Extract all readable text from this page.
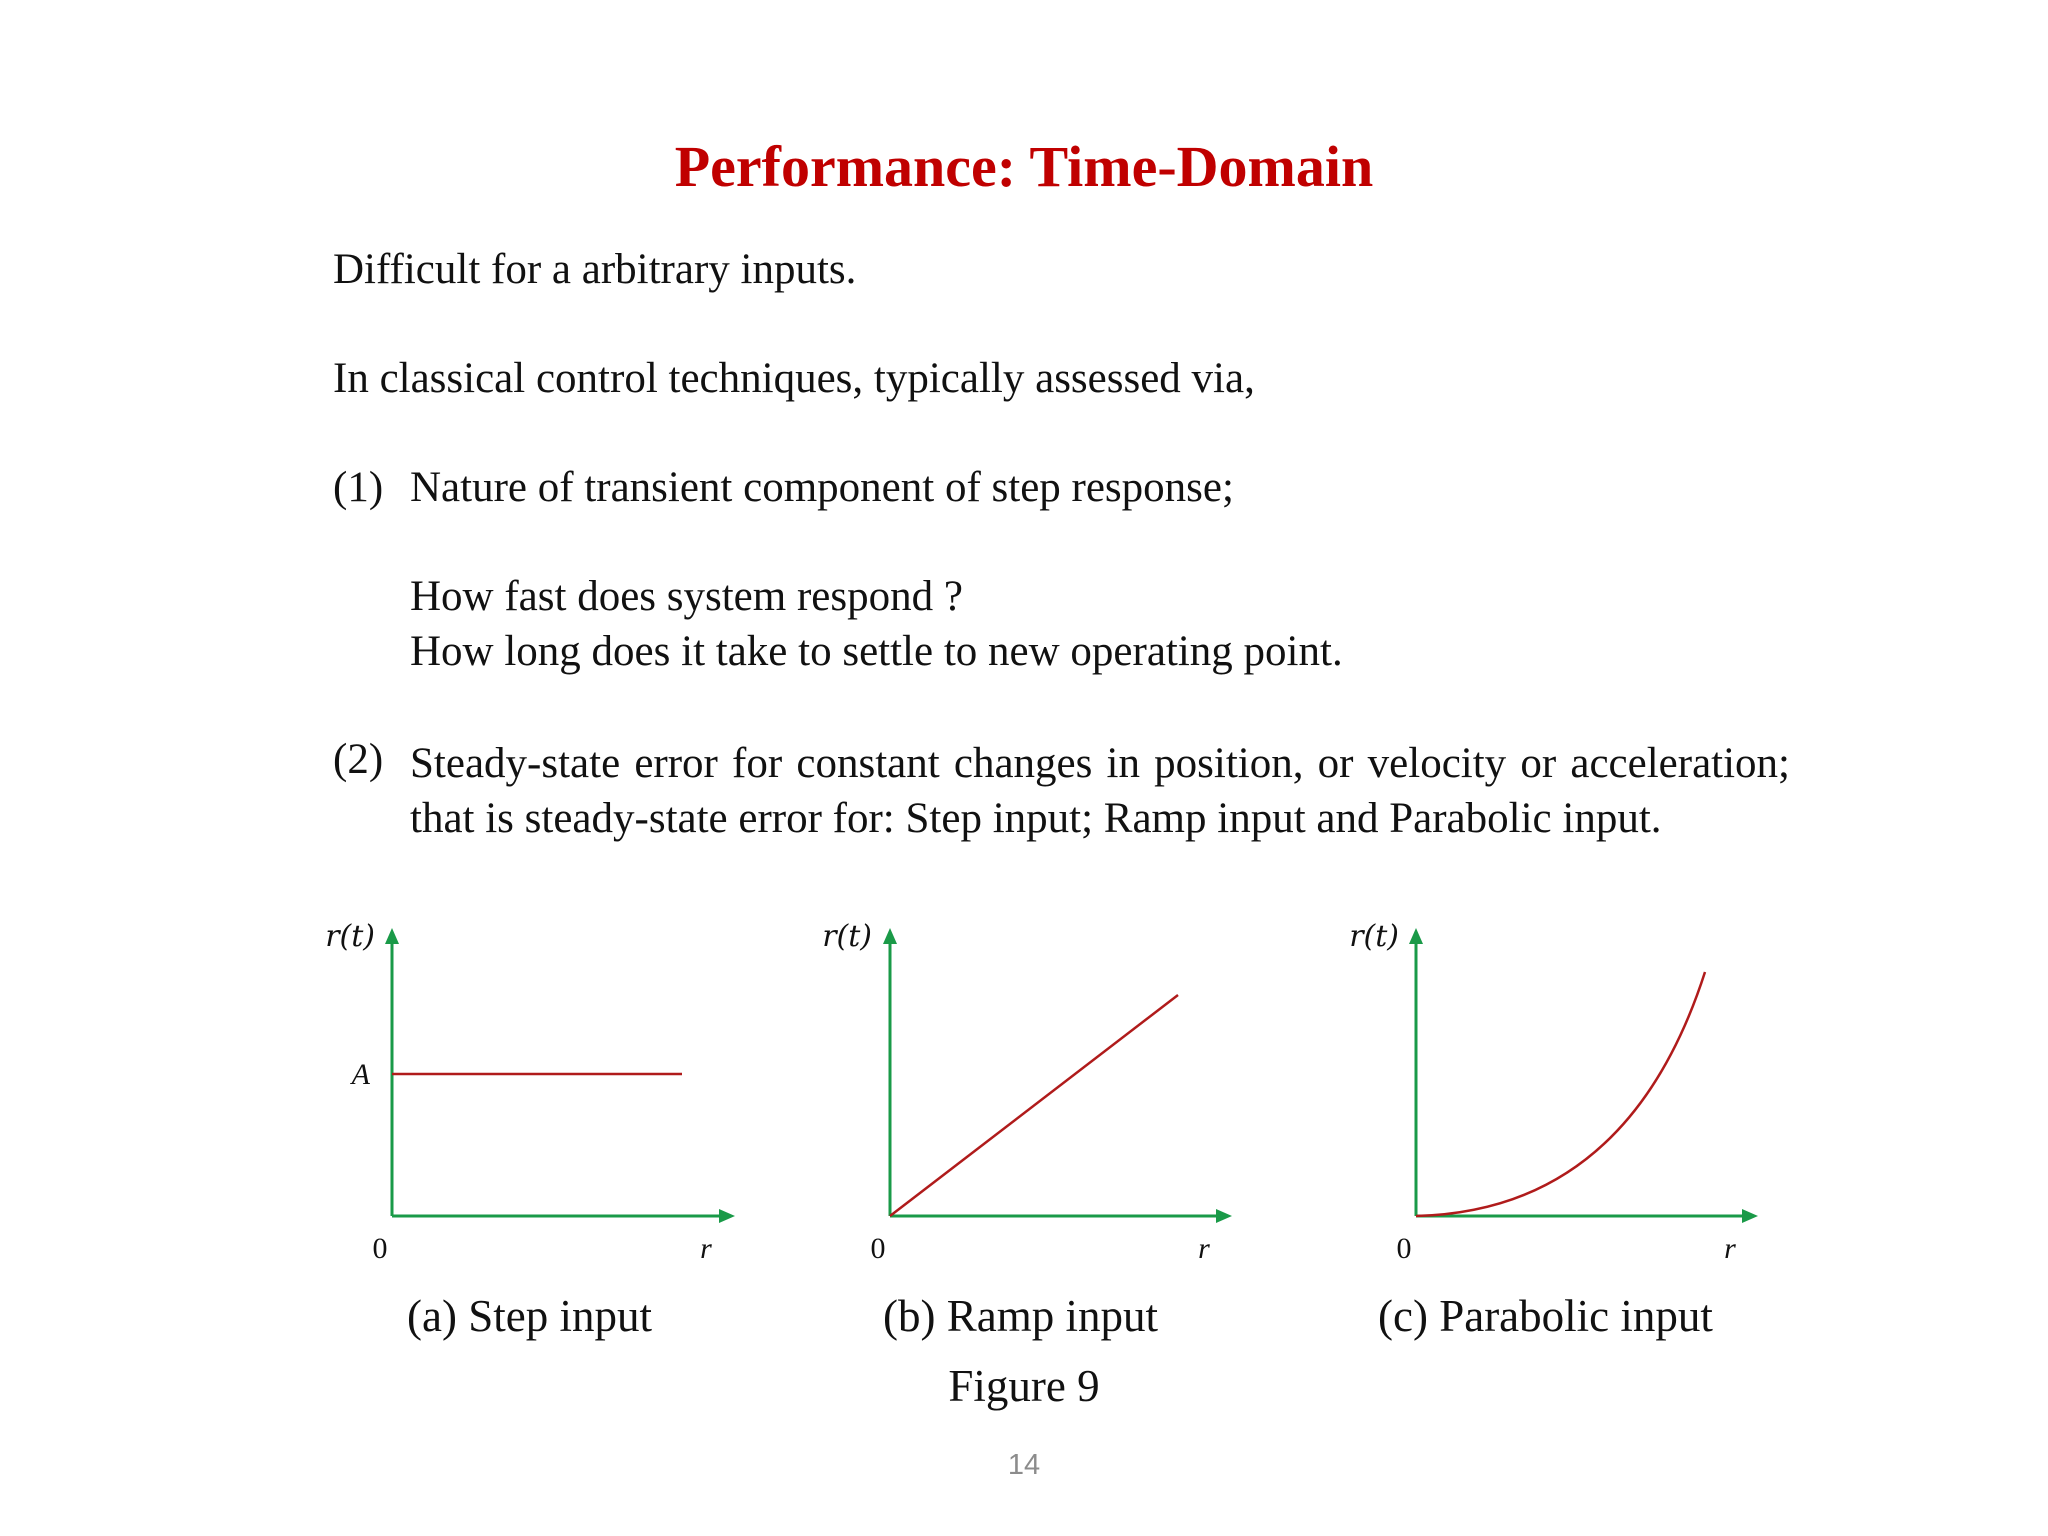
Performance: Time-Domain
Difficult for a arbitrary inputs.
In classical control techniques, typically assessed via,
(1) Nature of transient component of step response;
How fast does system respond ?
How long does it take to settle to new operating point.
(2) Steady-state error for constant changes in position, or velocity or acceleration; that is steady-state error for: Step input; Ramp input and Parabolic input.
r(t)
A
0	r
r(t)
0	r
r(t)
0	r
(a) Step input	(b) Ramp input	(c) Parabolic input
Figure 9
14
